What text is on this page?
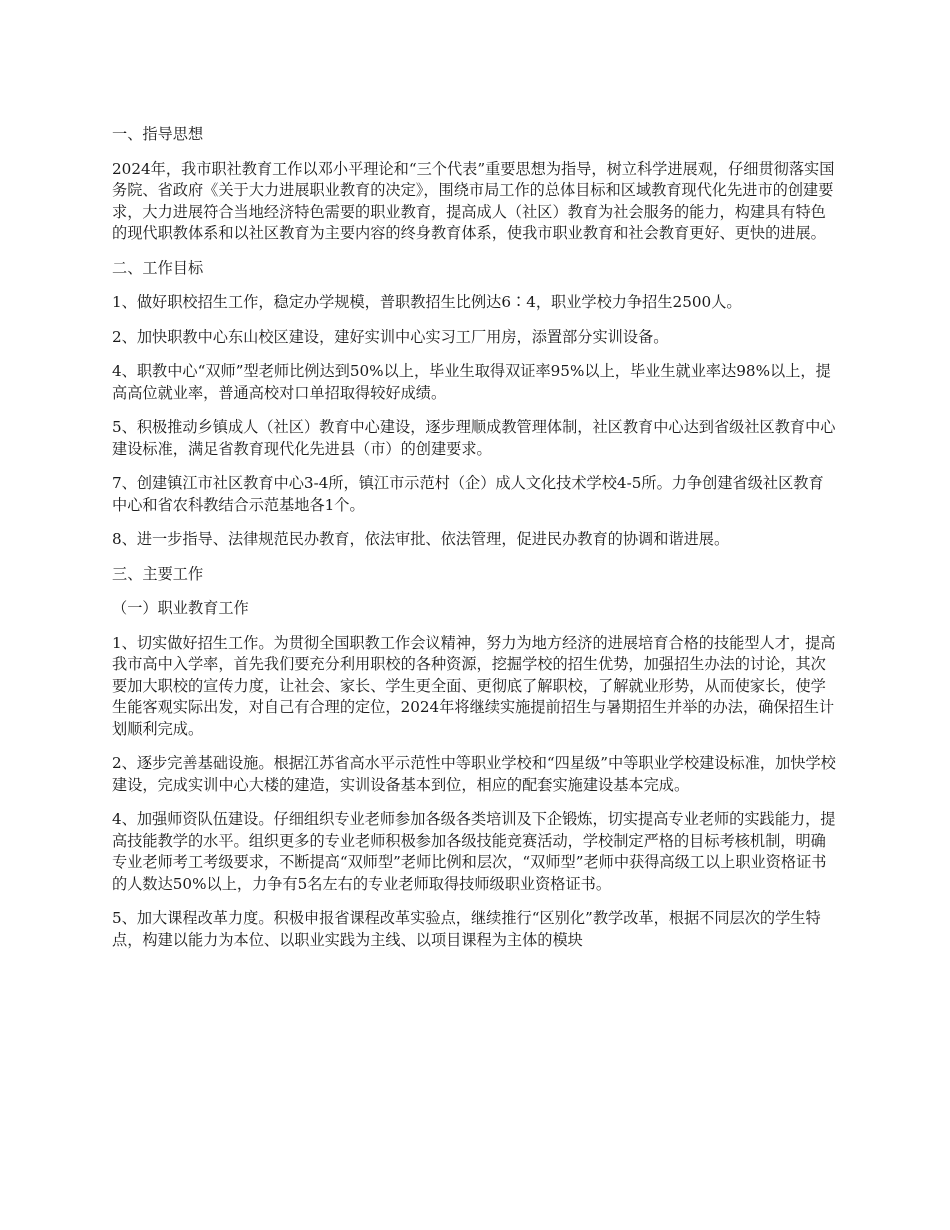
一、指导思想

2024年，我市职社教育工作以邓小平理论和“三个代表”重要思想为指导，树立科学进展观，仔细贯彻落实国务院、省政府《关于大力进展职业教育的决定》，围绕市局工作的总体目标和区域教育现代化先进市的创建要求，大力进展符合当地经济特色需要的职业教育，提高成人（社区）教育为社会服务的能力，构建具有特色的现代职教体系和以社区教育为主要内容的终身教育体系，使我市职业教育和社会教育更好、更快的进展。

二、工作目标

1、做好职校招生工作，稳定办学规模，普职教招生比例达6∶4，职业学校力争招生2500人。

2、加快职教中心东山校区建设，建好实训中心实习工厂用房，添置部分实训设备。

4、职教中心“双师”型老师比例达到50%以上，毕业生取得双证率95%以上，毕业生就业率达98%以上，提高高位就业率，普通高校对口单招取得较好成绩。

5、积极推动乡镇成人（社区）教育中心建设，逐步理顺成教管理体制，社区教育中心达到省级社区教育中心建设标准，满足省教育现代化先进县（市）的创建要求。

7、创建镇江市社区教育中心3-4所，镇江市示范村（企）成人文化技术学校4-5所。力争创建省级社区教育中心和省农科教结合示范基地各1个。

8、进一步指导、法律规范民办教育，依法审批、依法管理，促进民办教育的协调和谐进展。

三、主要工作

（一）职业教育工作

1、切实做好招生工作。为贯彻全国职教工作会议精神，努力为地方经济的进展培育合格的技能型人才，提高我市高中入学率，首先我们要充分利用职校的各种资源，挖掘学校的招生优势，加强招生办法的讨论，其次要加大职校的宣传力度，让社会、家长、学生更全面、更彻底了解职校，了解就业形势，从而使家长，使学生能客观实际出发，对自己有合理的定位，2024年将继续实施提前招生与暑期招生并举的办法，确保招生计划顺利完成。

2、逐步完善基础设施。根据江苏省高水平示范性中等职业学校和“四星级”中等职业学校建设标准，加快学校建设，完成实训中心大楼的建造，实训设备基本到位，相应的配套实施建设基本完成。

4、加强师资队伍建设。仔细组织专业老师参加各级各类培训及下企锻炼，切实提高专业老师的实践能力，提高技能教学的水平。组织更多的专业老师积极参加各级技能竞赛活动，学校制定严格的目标考核机制，明确专业老师考工考级要求，不断提高“双师型”老师比例和层次，“双师型”老师中获得高级工以上职业资格证书的人数达50%以上，力争有5名左右的专业老师取得技师级职业资格证书。

5、加大课程改革力度。积极申报省课程改革实验点，继续推行“区别化”教学改革，根据不同层次的学生特点，构建以能力为本位、以职业实践为主线、以项目课程为主体的模块
